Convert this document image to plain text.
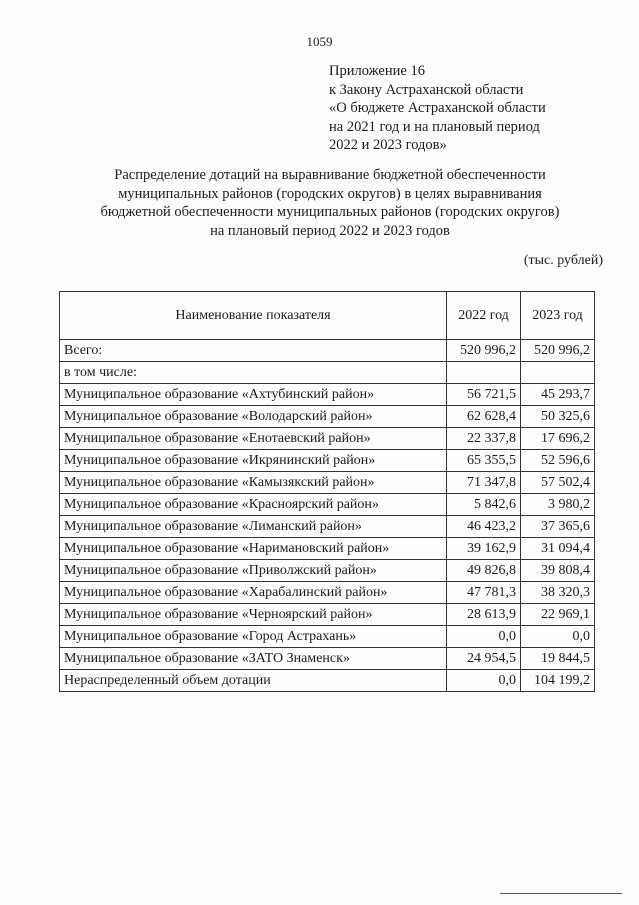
1059
Приложение 16
к Закону Астраханской области
«О бюджете Астраханской области
на 2021 год и на плановый период
2022 и 2023 годов»
Распределение дотаций на выравнивание бюджетной обеспеченности
муниципальных районов (городских округов) в целях выравнивания
бюджетной обеспеченности муниципальных районов (городских округов)
на плановый период 2022 и 2023 годов
(тыс. рублей)
Наименование показателя	2022 год	2023 год
Всего:	520 996,2	520 996,2
в том числе:		
Муниципальное образование «Ахтубинский район»	56 721,5	45 293,7
Муниципальное образование «Володарский район»	62 628,4	50 325,6
Муниципальное образование «Енотаевский район»	22 337,8	17 696,2
Муниципальное образование «Икрянинский район»	65 355,5	52 596,6
Муниципальное образование «Камызякский район»	71 347,8	57 502,4
Муниципальное образование «Красноярский район»	5 842,6	3 980,2
Муниципальное образование «Лиманский район»	46 423,2	37 365,6
Муниципальное образование «Наримановский район»	39 162,9	31 094,4
Муниципальное образование «Приволжский район»	49 826,8	39 808,4
Муниципальное образование «Харабалинский район»	47 781,3	38 320,3
Муниципальное образование «Черноярский район»	28 613,9	22 969,1
Муниципальное образование «Город Астрахань»	0,0	0,0
Муниципальное образование «ЗАТО Знаменск»	24 954,5	19 844,5
Нераспределенный объем дотации	0,0	104 199,2
